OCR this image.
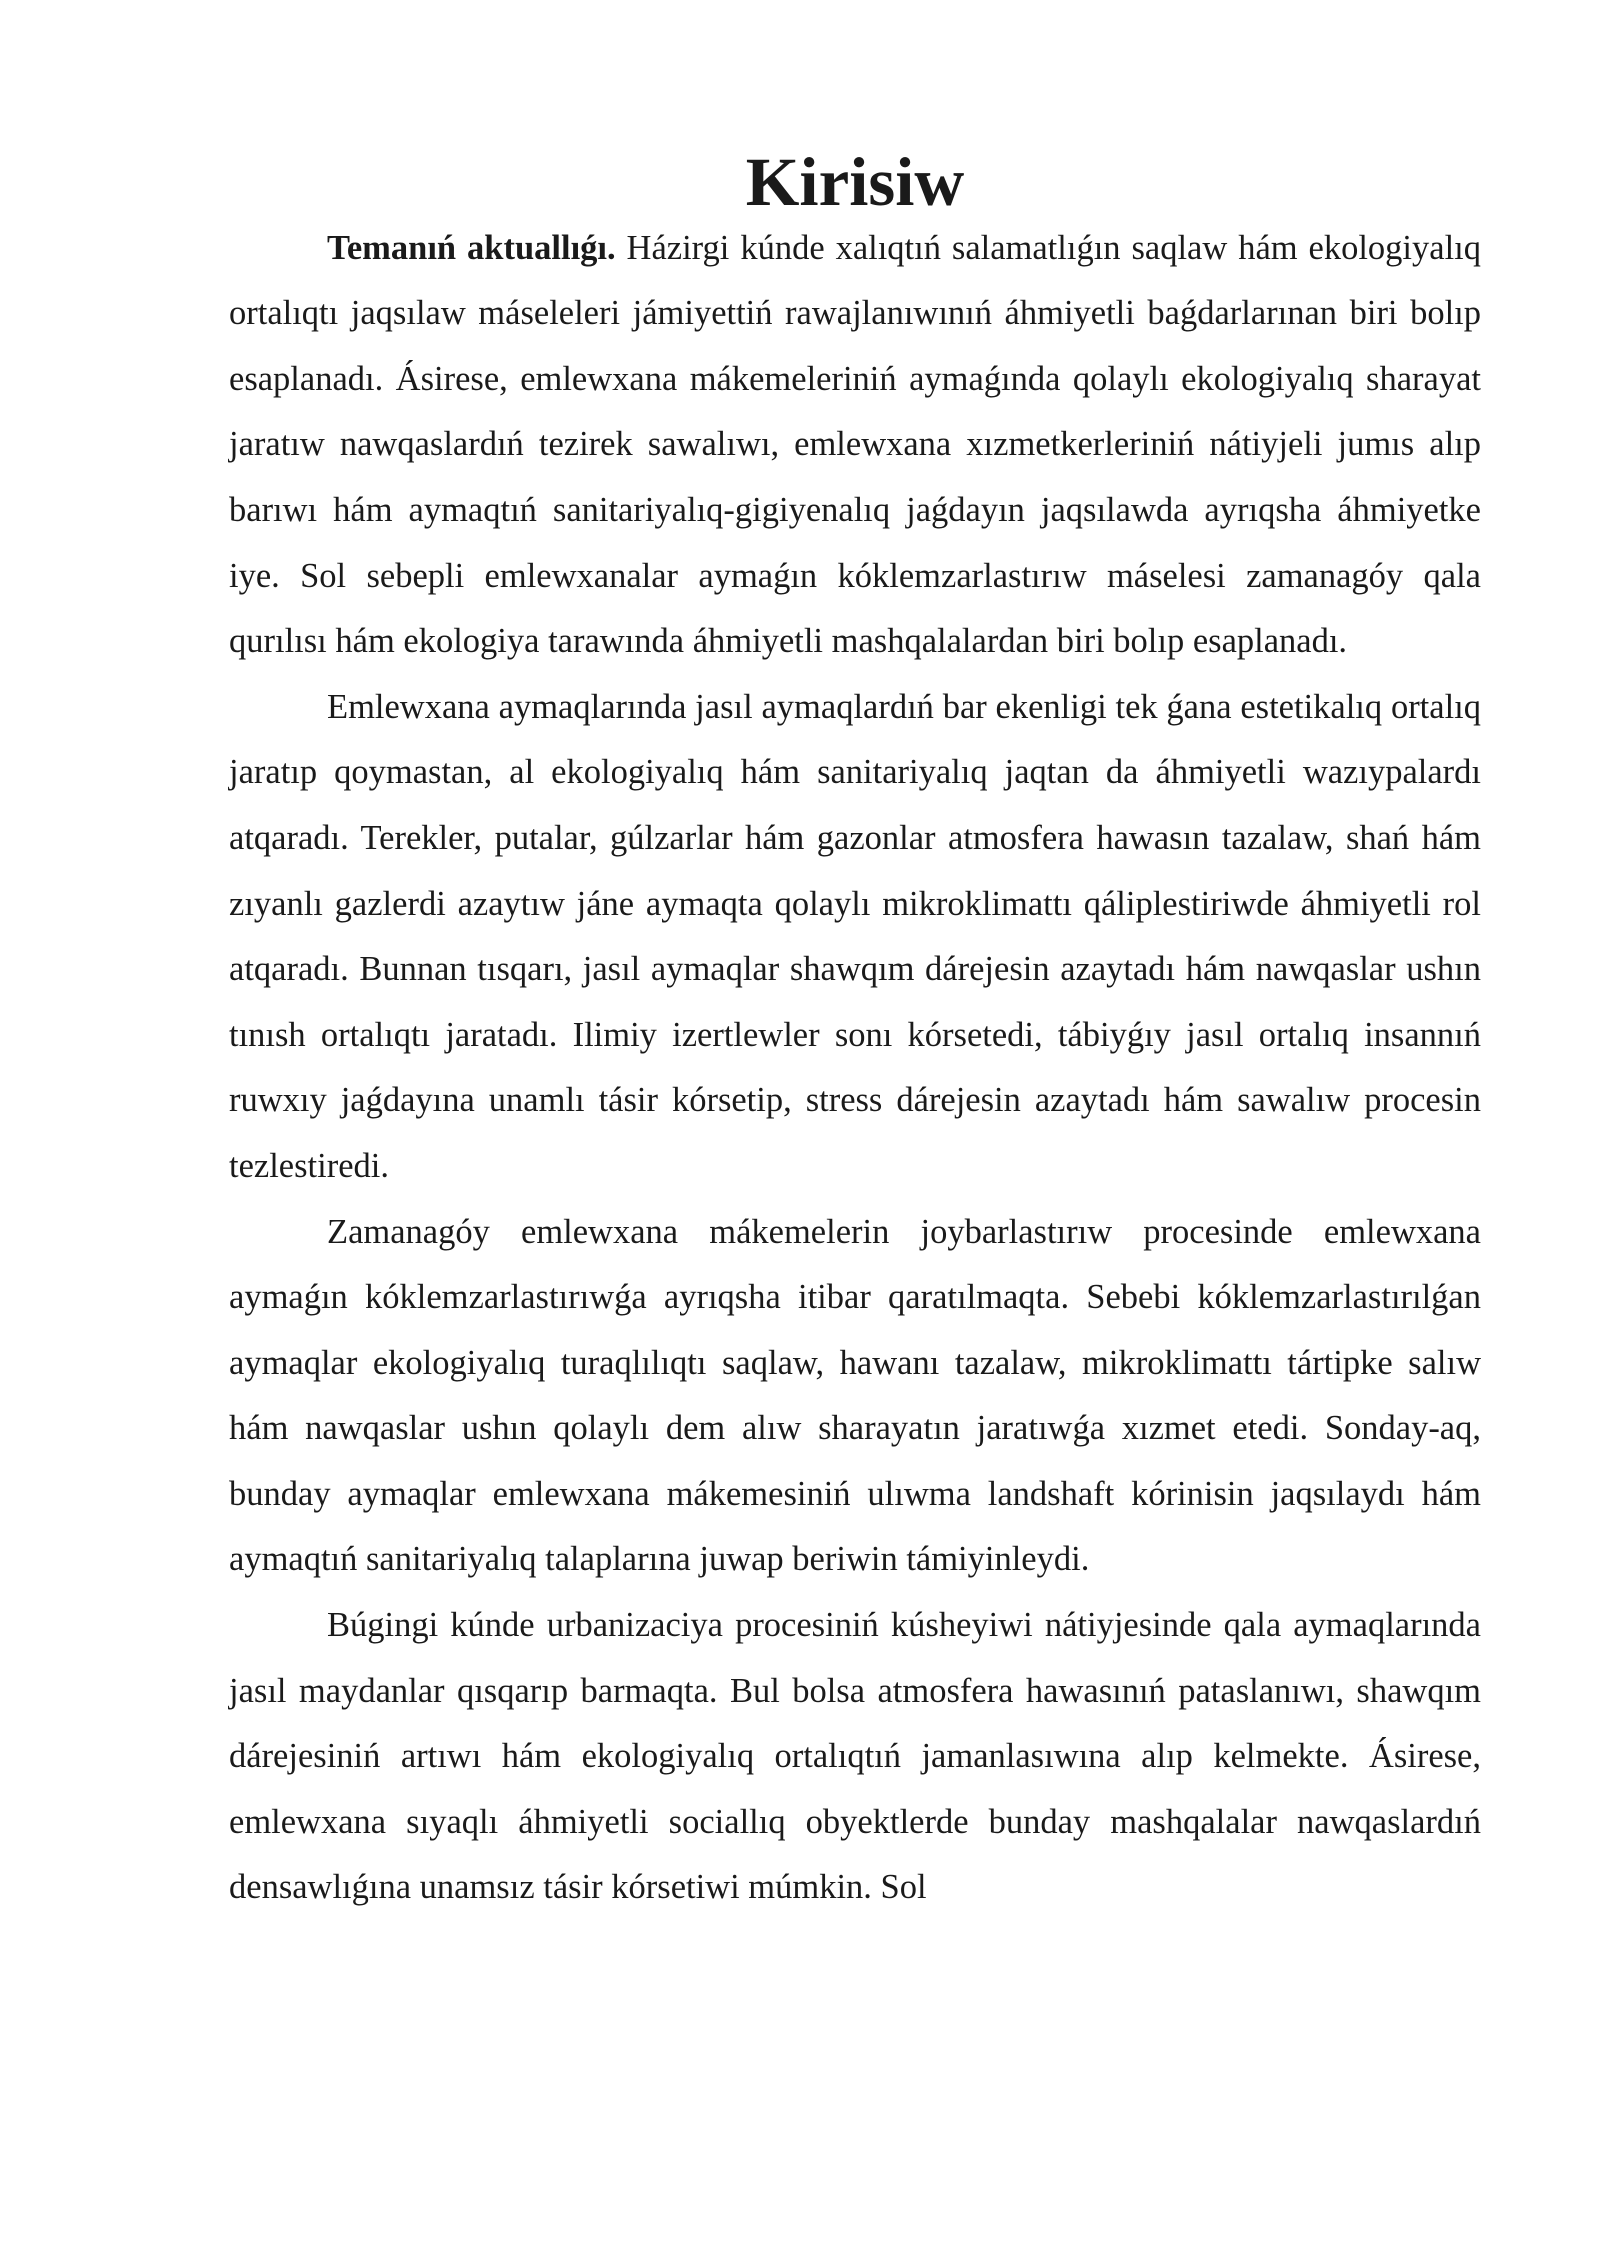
Kirisiw

Temanıń aktuallıǵı. Házirgi kúnde xalıqtıń salamatlıǵın saqlaw hám ekologiyalıq ortalıqtı jaqsılaw máseleleri jámiyettiń rawajlanıwınıń áhmiyetli baǵdarlarınan biri bolıp esaplanadı. Ásirese, emlewxana mákemeleriniń aymaǵında qolaylı ekologiyalıq sharayat jaratıw nawqaslardıń tezirek sawalıwı, emlewxana xızmetkerleriniń nátiyjeli jumıs alıp barıwı hám aymaqtıń sanitariyalıq-gigiyenalıq jaǵdayın jaqsılawda ayrıqsha áhmiyetke iye. Sol sebepli emlewxanalar aymaǵın kóklemzarlastırıw máselesi zamanagóy qala qurılısı hám ekologiya tarawında áhmiyetli mashqalalardan biri bolıp esaplanadı.

Emlewxana aymaqlarında jasıl aymaqlardıń bar ekenligi tek ǵana estetikalıq ortalıq jaratıp qoymastan, al ekologiyalıq hám sanitariyalıq jaqtan da áhmiyetli wazıypalardı atqaradı. Terekler, putalar, gúlzarlar hám gazonlar atmosfera hawasın tazalaw, shań hám zıyanlı gazlerdi azaytıw jáne aymaqta qolaylı mikroklimattı qáliplestiriwde áhmiyetli rol atqaradı. Bunnan tısqarı, jasıl aymaqlar shawqım dárejesin azaytadı hám nawqaslar ushın tınısh ortalıqtı jaratadı. Ilimiy izertlewler sonı kórsetedi, tábiyǵıy jasıl ortalıq insannıń ruwxıy jaǵdayına unamlı tásir kórsetip, stress dárejesin azaytadı hám sawalıw procesin tezlestiredi.

Zamanagóy emlewxana mákemelerin joybarlastırıw procesinde emlewxana aymaǵın kóklemzarlastırıwǵa ayrıqsha itibar qaratılmaqta. Sebebi kóklemzarlastırılǵan aymaqlar ekologiyalıq turaqlılıqtı saqlaw, hawanı tazalaw, mikroklimattı tártipke salıw hám nawqaslar ushın qolaylı dem alıw sharayatın jaratıwǵa xızmet etedi. Sonday-aq, bunday aymaqlar emlewxana mákemesiniń ulıwma landshaft kórinisin jaqsılaydı hám aymaqtıń sanitariyalıq talaplarına juwap beriwin támiyinleydi.

Búgingi kúnde urbanizaciya procesiniń kúsheyiwi nátiyjesinde qala aymaqlarında jasıl maydanlar qısqarıp barmaqta. Bul bolsa atmosfera hawasınıń pataslanıwı, shawqım dárejesiniń artıwı hám ekologiyalıq ortalıqtıń jamanlasıwına alıp kelmekte. Ásirese, emlewxana sıyaqlı áhmiyetli sociallıq obyektlerde bunday mashqalalar nawqaslardıń densawlıǵına unamsız tásir kórsetiwi múmkin. Sol
